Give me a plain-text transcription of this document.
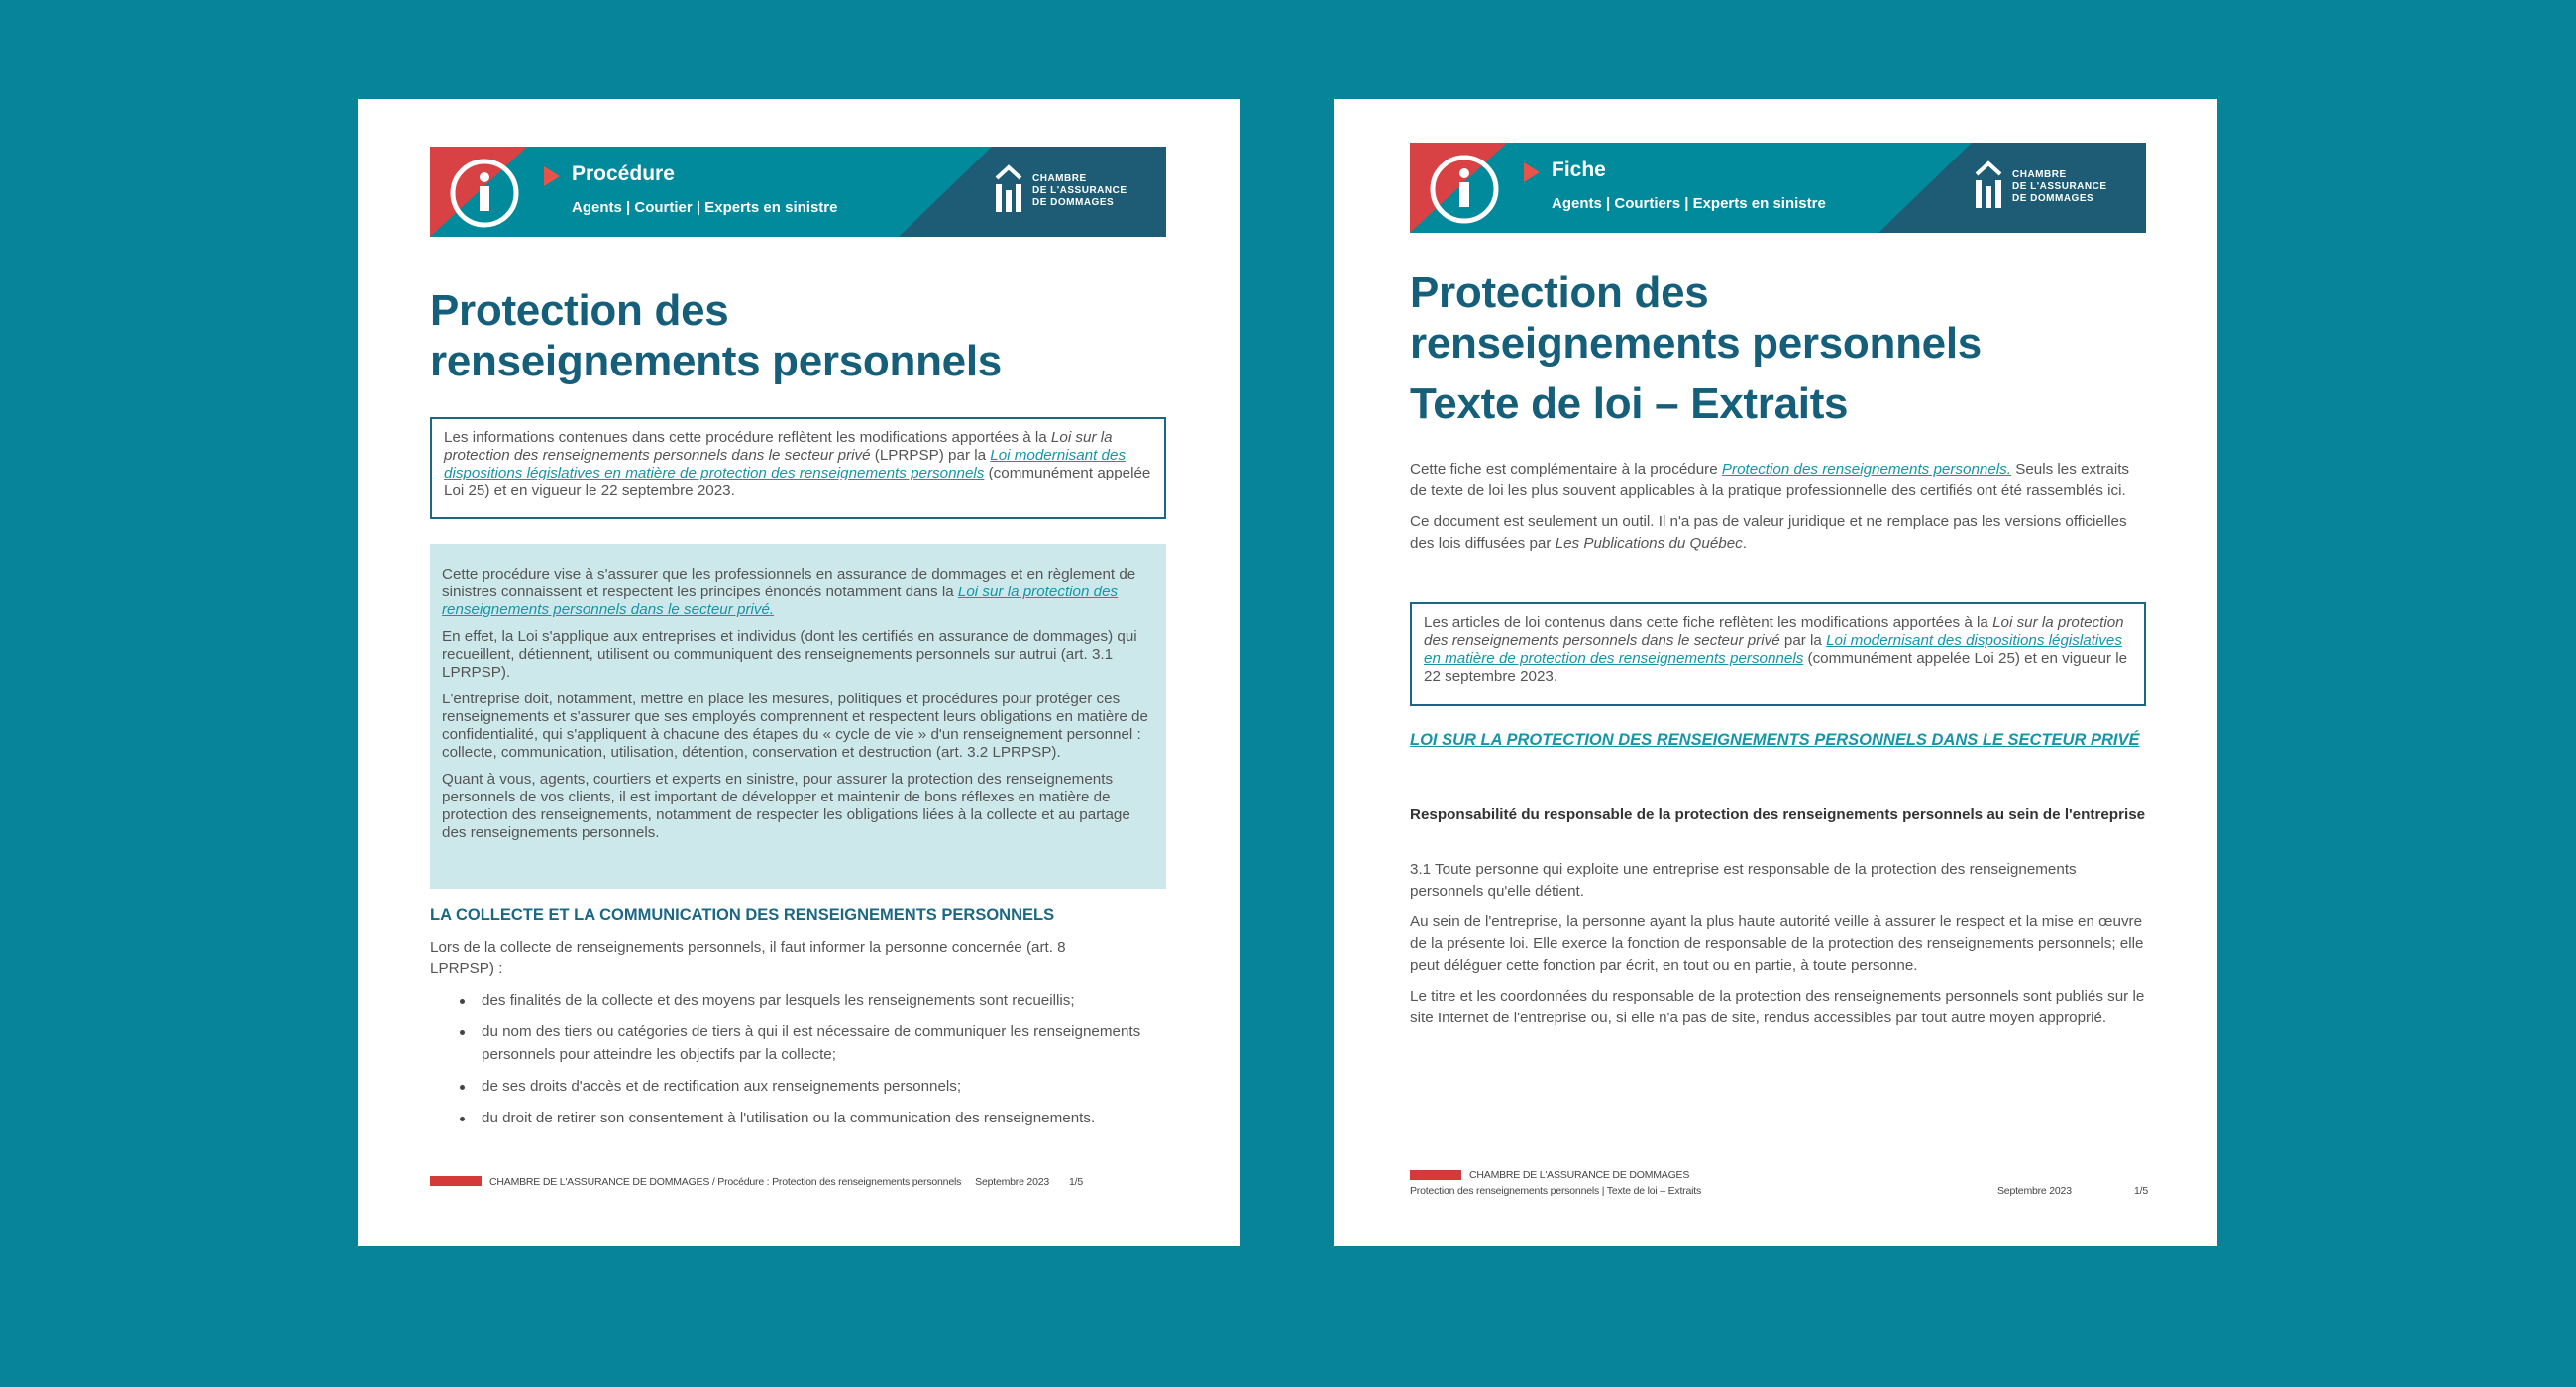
Procédure
Agents | Courtier | Experts en sinistre
CHAMBRE
DE L'ASSURANCE
DE DOMMAGES
Protection des renseignements personnels
Les informations contenues dans cette procédure reflètent les modifications apportées à la Loi sur la protection des renseignements personnels dans le secteur privé (LPRPSP) par la Loi modernisant des dispositions législatives en matière de protection des renseignements personnels (communément appelée Loi 25) et en vigueur le 22 septembre 2023.

Cette procédure vise à s'assurer que les professionnels en assurance de dommages et en règlement de sinistres connaissent et respectent les principes énoncés notamment dans la Loi sur la protection des renseignements personnels dans le secteur privé.

En effet, la Loi s'applique aux entreprises et individus (dont les certifiés en assurance de dommages) qui recueillent, détiennent, utilisent ou communiquent des renseignements personnels sur autrui (art. 3.1 LPRPSP).

L'entreprise doit, notamment, mettre en place les mesures, politiques et procédures pour protéger ces renseignements et s'assurer que ses employés comprennent et respectent leurs obligations en matière de confidentialité, qui s'appliquent à chacune des étapes du « cycle de vie » d'un renseignement personnel : collecte, communication, utilisation, détention, conservation et destruction (art. 3.2 LPRPSP).

Quant à vous, agents, courtiers et experts en sinistre, pour assurer la protection des renseignements personnels de vos clients, il est important de développer et maintenir de bons réflexes en matière de protection des renseignements, notamment de respecter les obligations liées à la collecte et au partage des renseignements personnels.

LA COLLECTE ET LA COMMUNICATION DES RENSEIGNEMENTS PERSONNELS
Lors de la collecte de renseignements personnels, il faut informer la personne concernée (art. 8 LPRPSP) :
des finalités de la collecte et des moyens par lesquels les renseignements sont recueillis;
du nom des tiers ou catégories de tiers à qui il est nécessaire de communiquer les renseignements personnels pour atteindre les objectifs par la collecte;
de ses droits d'accès et de rectification aux renseignements personnels;
du droit de retirer son consentement à l'utilisation ou la communication des renseignements.
CHAMBRE DE L'ASSURANCE DE DOMMAGES / Procédure : Protection des renseignements personnels Septembre 2023 1/5
Fiche
Agents | Courtiers | Experts en sinistre
CHAMBRE
DE L'ASSURANCE
DE DOMMAGES
Protection des renseignements personnels
Texte de loi – Extraits

Cette fiche est complémentaire à la procédure Protection des renseignements personnels. Seuls les extraits de texte de loi les plus souvent applicables à la pratique professionnelle des certifiés ont été rassemblés ici.

Ce document est seulement un outil. Il n'a pas de valeur juridique et ne remplace pas les versions officielles des lois diffusées par Les Publications du Québec.

Les articles de loi contenus dans cette fiche reflètent les modifications apportées à la Loi sur la protection des renseignements personnels dans le secteur privé par la Loi modernisant des dispositions législatives en matière de protection des renseignements personnels (communément appelée Loi 25) et en vigueur le 22 septembre 2023.
LOI SUR LA PROTECTION DES RENSEIGNEMENTS PERSONNELS DANS LE SECTEUR PRIVÉ
Responsabilité du responsable de la protection des renseignements personnels au sein de l'entreprise

3.1 Toute personne qui exploite une entreprise est responsable de la protection des renseignements personnels qu'elle détient.

Au sein de l'entreprise, la personne ayant la plus haute autorité veille à assurer le respect et la mise en œuvre de la présente loi. Elle exerce la fonction de responsable de la protection des renseignements personnels; elle peut déléguer cette fonction par écrit, en tout ou en partie, à toute personne.

Le titre et les coordonnées du responsable de la protection des renseignements personnels sont publiés sur le site Internet de l'entreprise ou, si elle n'a pas de site, rendus accessibles par tout autre moyen approprié.

CHAMBRE DE L'ASSURANCE DE DOMMAGES
Protection des renseignements personnels | Texte de loi – Extraits	Septembre 2023	1/5
